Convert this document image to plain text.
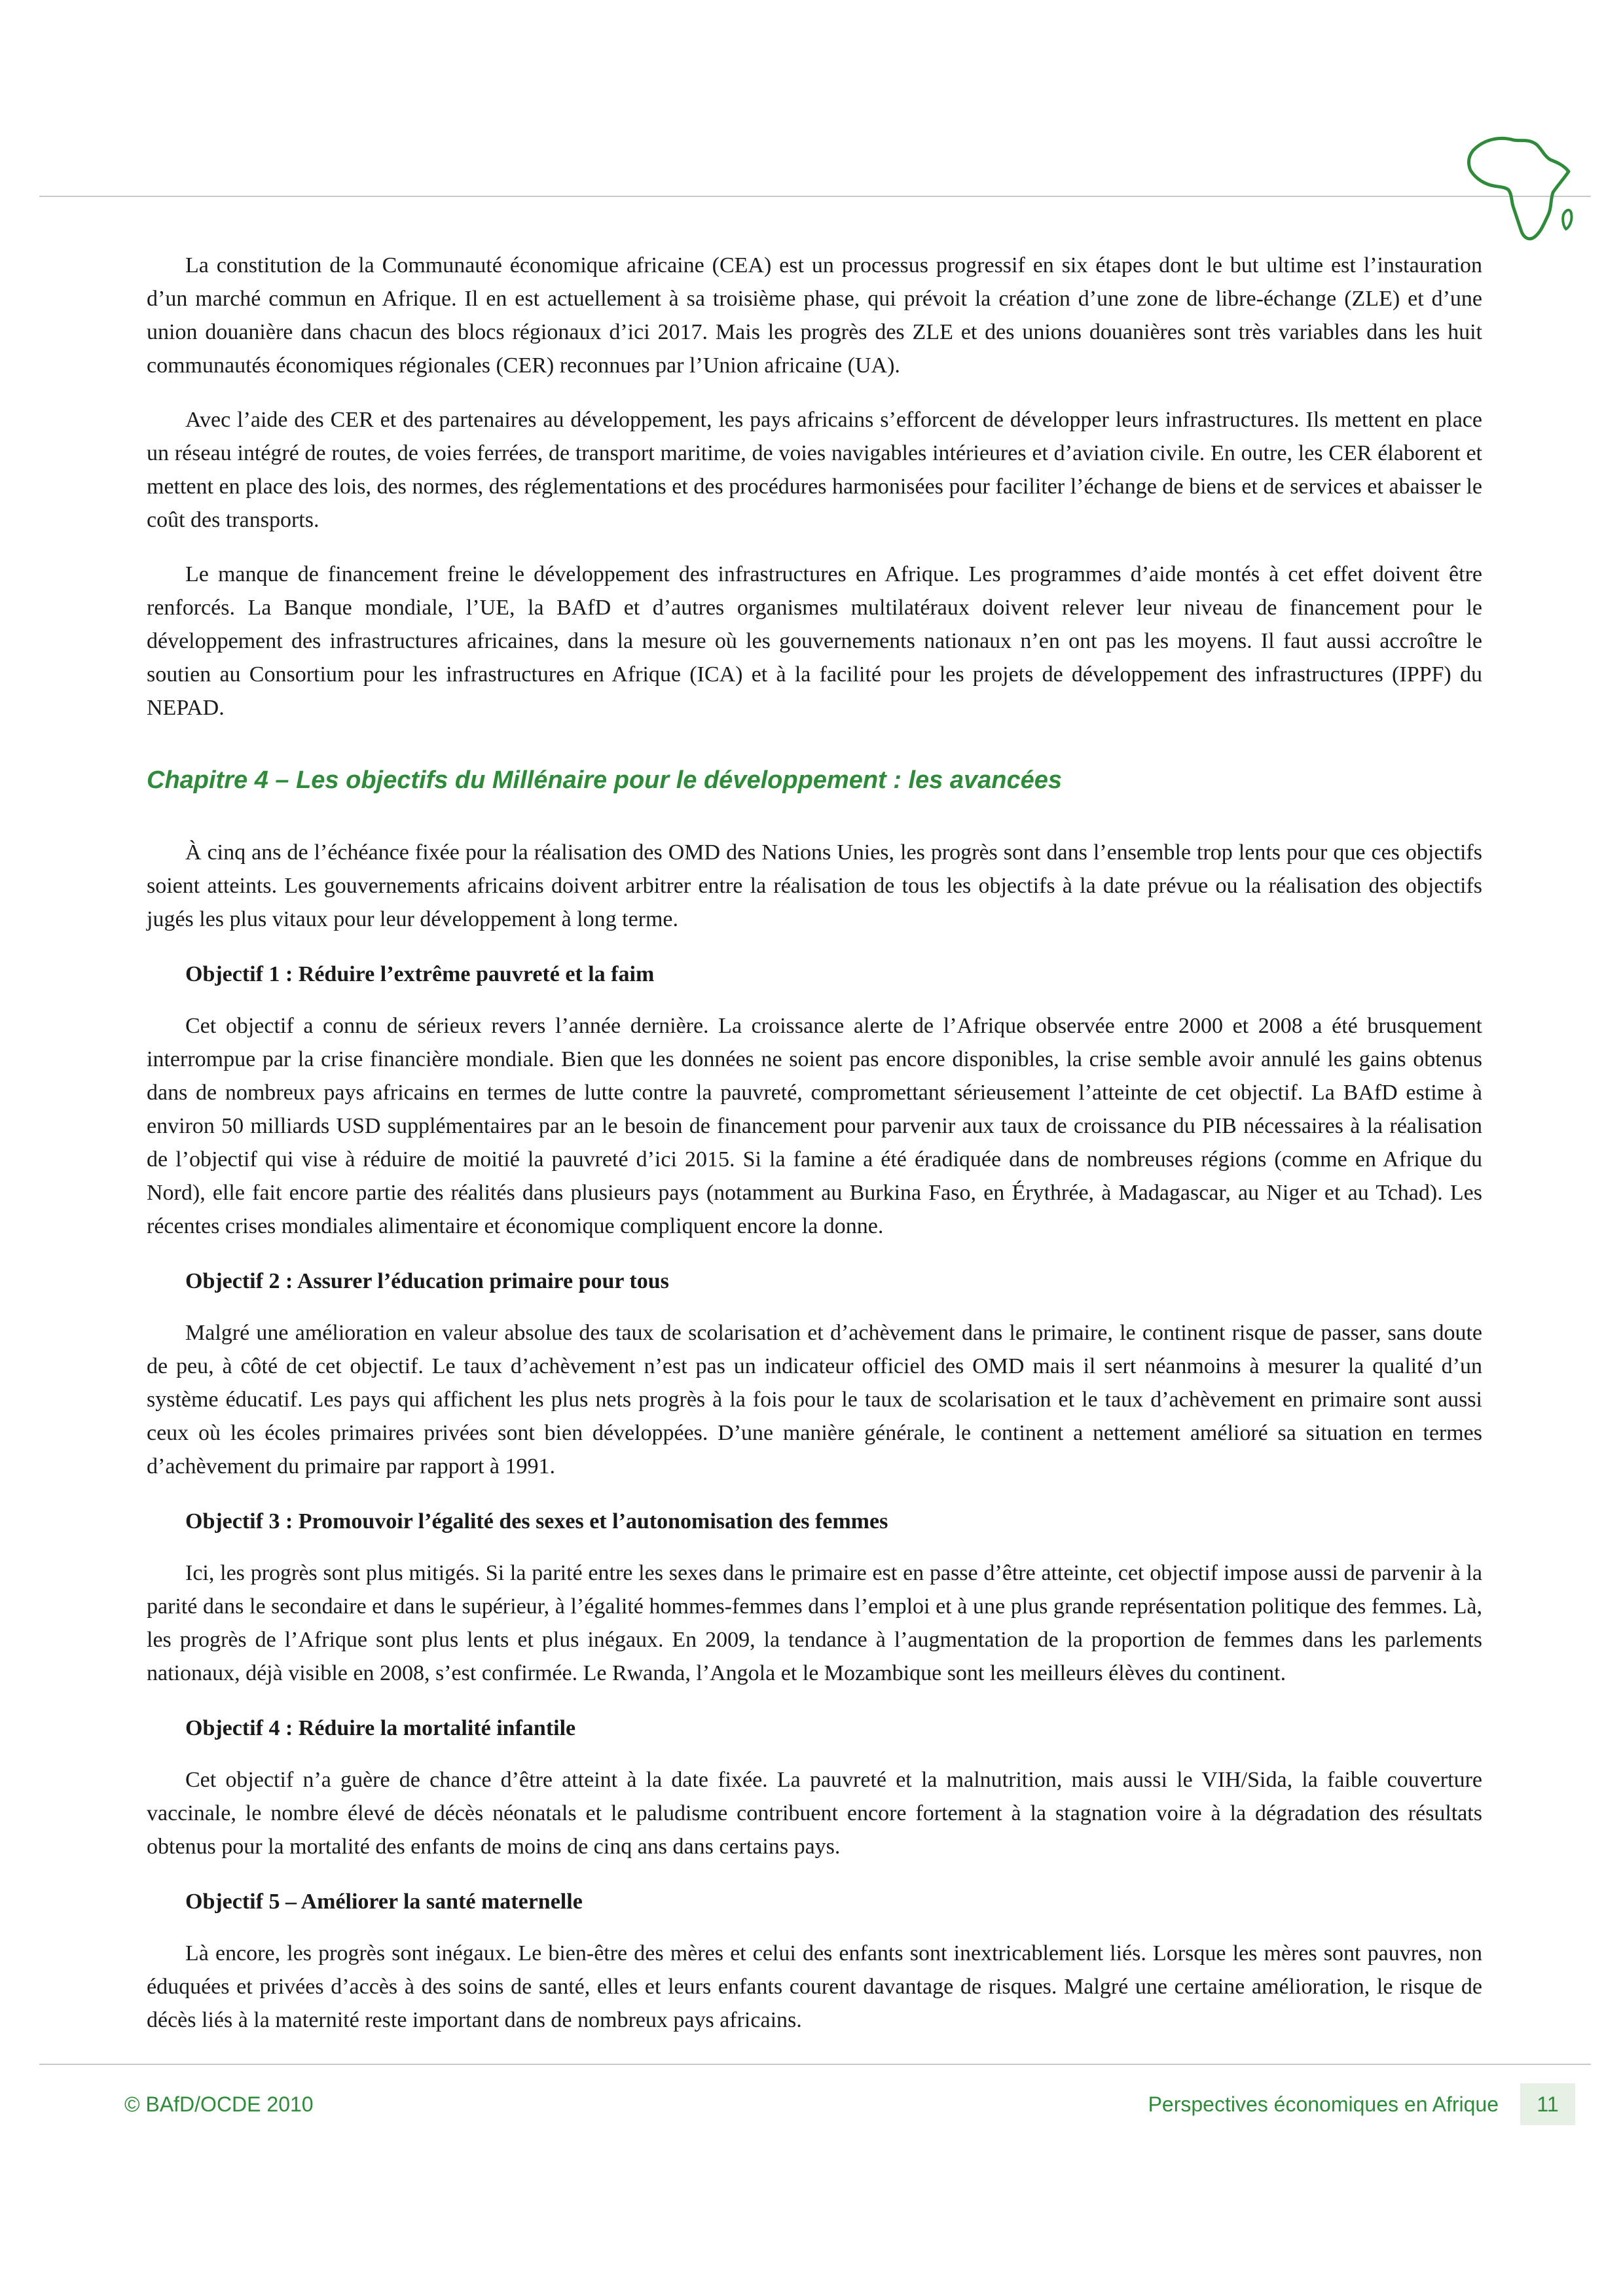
La constitution de la Communauté économique africaine (CEA) est un processus progressif en six étapes dont le but ultime est l’instauration d’un marché commun en Afrique. Il en est actuellement à sa troisième phase, qui prévoit la création d’une zone de libre-échange (ZLE) et d’une union douanière dans chacun des blocs régionaux d’ici 2017. Mais les progrès des ZLE et des unions douanières sont très variables dans les huit communautés économiques régionales (CER) reconnues par l’Union africaine (UA).

Avec l’aide des CER et des partenaires au développement, les pays africains s’efforcent de développer leurs infrastructures. Ils mettent en place un réseau intégré de routes, de voies ferrées, de transport maritime, de voies navigables intérieures et d’aviation civile. En outre, les CER élaborent et mettent en place des lois, des normes, des réglementations et des procédures harmonisées pour faciliter l’échange de biens et de services et abaisser le coût des transports.

Le manque de financement freine le développement des infrastructures en Afrique. Les programmes d’aide montés à cet effet doivent être renforcés. La Banque mondiale, l’UE, la BAfD et d’autres organismes multilatéraux doivent relever leur niveau de financement pour le développement des infrastructures africaines, dans la mesure où les gouvernements nationaux n’en ont pas les moyens. Il faut aussi accroître le soutien au Consortium pour les infrastructures en Afrique (ICA) et à la facilité pour les projets de développement des infrastructures (IPPF) du NEPAD.

Chapitre 4 – Les objectifs du Millénaire pour le développement : les avancées

À cinq ans de l’échéance fixée pour la réalisation des OMD des Nations Unies, les progrès sont dans l’ensemble trop lents pour que ces objectifs soient atteints. Les gouvernements africains doivent arbitrer entre la réalisation de tous les objectifs à la date prévue ou la réalisation des objectifs jugés les plus vitaux pour leur développement à long terme.

Objectif 1 : Réduire l’extrême pauvreté et la faim

Cet objectif a connu de sérieux revers l’année dernière. La croissance alerte de l’Afrique observée entre 2000 et 2008 a été brusquement interrompue par la crise financière mondiale. Bien que les données ne soient pas encore disponibles, la crise semble avoir annulé les gains obtenus dans de nombreux pays africains en termes de lutte contre la pauvreté, compromettant sérieusement l’atteinte de cet objectif. La BAfD estime à environ 50 milliards USD supplémentaires par an le besoin de financement pour parvenir aux taux de croissance du PIB nécessaires à la réalisation de l’objectif qui vise à réduire de moitié la pauvreté d’ici 2015. Si la famine a été éradiquée dans de nombreuses régions (comme en Afrique du Nord), elle fait encore partie des réalités dans plusieurs pays (notamment au Burkina Faso, en Érythrée, à Madagascar, au Niger et au Tchad). Les récentes crises mondiales alimentaire et économique compliquent encore la donne.

Objectif 2 : Assurer l’éducation primaire pour tous

Malgré une amélioration en valeur absolue des taux de scolarisation et d’achèvement dans le primaire, le continent risque de passer, sans doute de peu, à côté de cet objectif. Le taux d’achèvement n’est pas un indicateur officiel des OMD mais il sert néanmoins à mesurer la qualité d’un système éducatif. Les pays qui affichent les plus nets progrès à la fois pour le taux de scolarisation et le taux d’achèvement en primaire sont aussi ceux où les écoles primaires privées sont bien développées. D’une manière générale, le continent a nettement amélioré sa situation en termes d’achèvement du primaire par rapport à 1991.

Objectif 3 : Promouvoir l’égalité des sexes et l’autonomisation des femmes

Ici, les progrès sont plus mitigés. Si la parité entre les sexes dans le primaire est en passe d’être atteinte, cet objectif impose aussi de parvenir à la parité dans le secondaire et dans le supérieur, à l’égalité hommes-femmes dans l’emploi et à une plus grande représentation politique des femmes. Là, les progrès de l’Afrique sont plus lents et plus inégaux. En 2009, la tendance à l’augmentation de la proportion de femmes dans les parlements nationaux, déjà visible en 2008, s’est confirmée. Le Rwanda, l’Angola et le Mozambique sont les meilleurs élèves du continent.

Objectif 4 : Réduire la mortalité infantile

Cet objectif n’a guère de chance d’être atteint à la date fixée. La pauvreté et la malnutrition, mais aussi le VIH/Sida, la faible couverture vaccinale, le nombre élevé de décès néonatals et le paludisme contribuent encore fortement à la stagnation voire à la dégradation des résultats obtenus pour la mortalité des enfants de moins de cinq ans dans certains pays.

Objectif 5 – Améliorer la santé maternelle

Là encore, les progrès sont inégaux. Le bien-être des mères et celui des enfants sont inextricablement liés. Lorsque les mères sont pauvres, non éduquées et privées d’accès à des soins de santé, elles et leurs enfants courent davantage de risques. Malgré une certaine amélioration, le risque de décès liés à la maternité reste important dans de nombreux pays africains.

© BAfD/OCDE 2010	Perspectives économiques en Afrique	11
